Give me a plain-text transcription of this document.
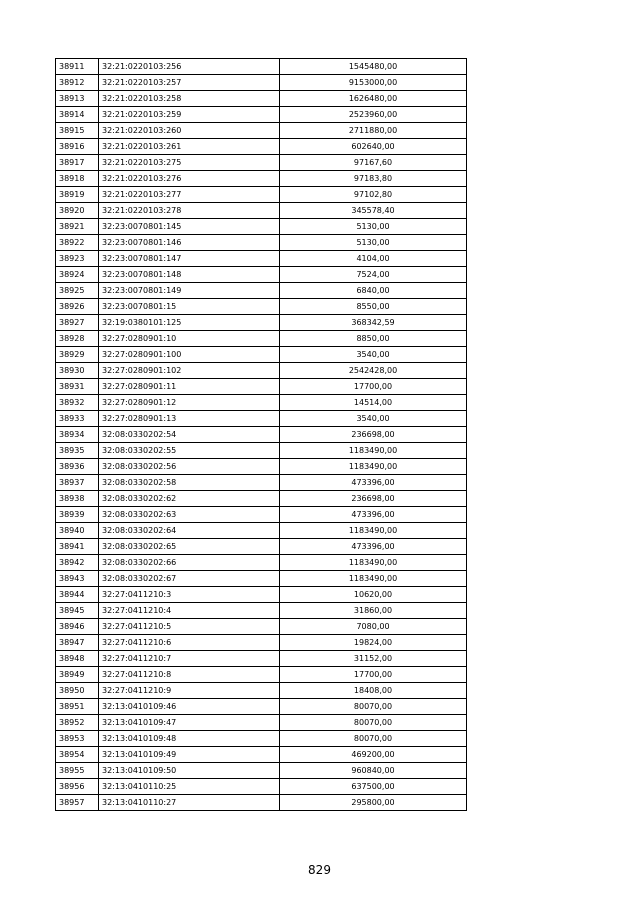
38911	32:21:0220103:256	1545480,00
38912	32:21:0220103:257	9153000,00
38913	32:21:0220103:258	1626480,00
38914	32:21:0220103:259	2523960,00
38915	32:21:0220103:260	2711880,00
38916	32:21:0220103:261	602640,00
38917	32:21:0220103:275	97167,60
38918	32:21:0220103:276	97183,80
38919	32:21:0220103:277	97102,80
38920	32:21:0220103:278	345578,40
38921	32:23:0070801:145	5130,00
38922	32:23:0070801:146	5130,00
38923	32:23:0070801:147	4104,00
38924	32:23:0070801:148	7524,00
38925	32:23:0070801:149	6840,00
38926	32:23:0070801:15	8550,00
38927	32:19:0380101:125	368342,59
38928	32:27:0280901:10	8850,00
38929	32:27:0280901:100	3540,00
38930	32:27:0280901:102	2542428,00
38931	32:27:0280901:11	17700,00
38932	32:27:0280901:12	14514,00
38933	32:27:0280901:13	3540,00
38934	32:08:0330202:54	236698,00
38935	32:08:0330202:55	1183490,00
38936	32:08:0330202:56	1183490,00
38937	32:08:0330202:58	473396,00
38938	32:08:0330202:62	236698,00
38939	32:08:0330202:63	473396,00
38940	32:08:0330202:64	1183490,00
38941	32:08:0330202:65	473396,00
38942	32:08:0330202:66	1183490,00
38943	32:08:0330202:67	1183490,00
38944	32:27:0411210:3	10620,00
38945	32:27:0411210:4	31860,00
38946	32:27:0411210:5	7080,00
38947	32:27:0411210:6	19824,00
38948	32:27:0411210:7	31152,00
38949	32:27:0411210:8	17700,00
38950	32:27:0411210:9	18408,00
38951	32:13:0410109:46	80070,00
38952	32:13:0410109:47	80070,00
38953	32:13:0410109:48	80070,00
38954	32:13:0410109:49	469200,00
38955	32:13:0410109:50	960840,00
38956	32:13:0410110:25	637500,00
38957	32:13:0410110:27	295800,00
829
